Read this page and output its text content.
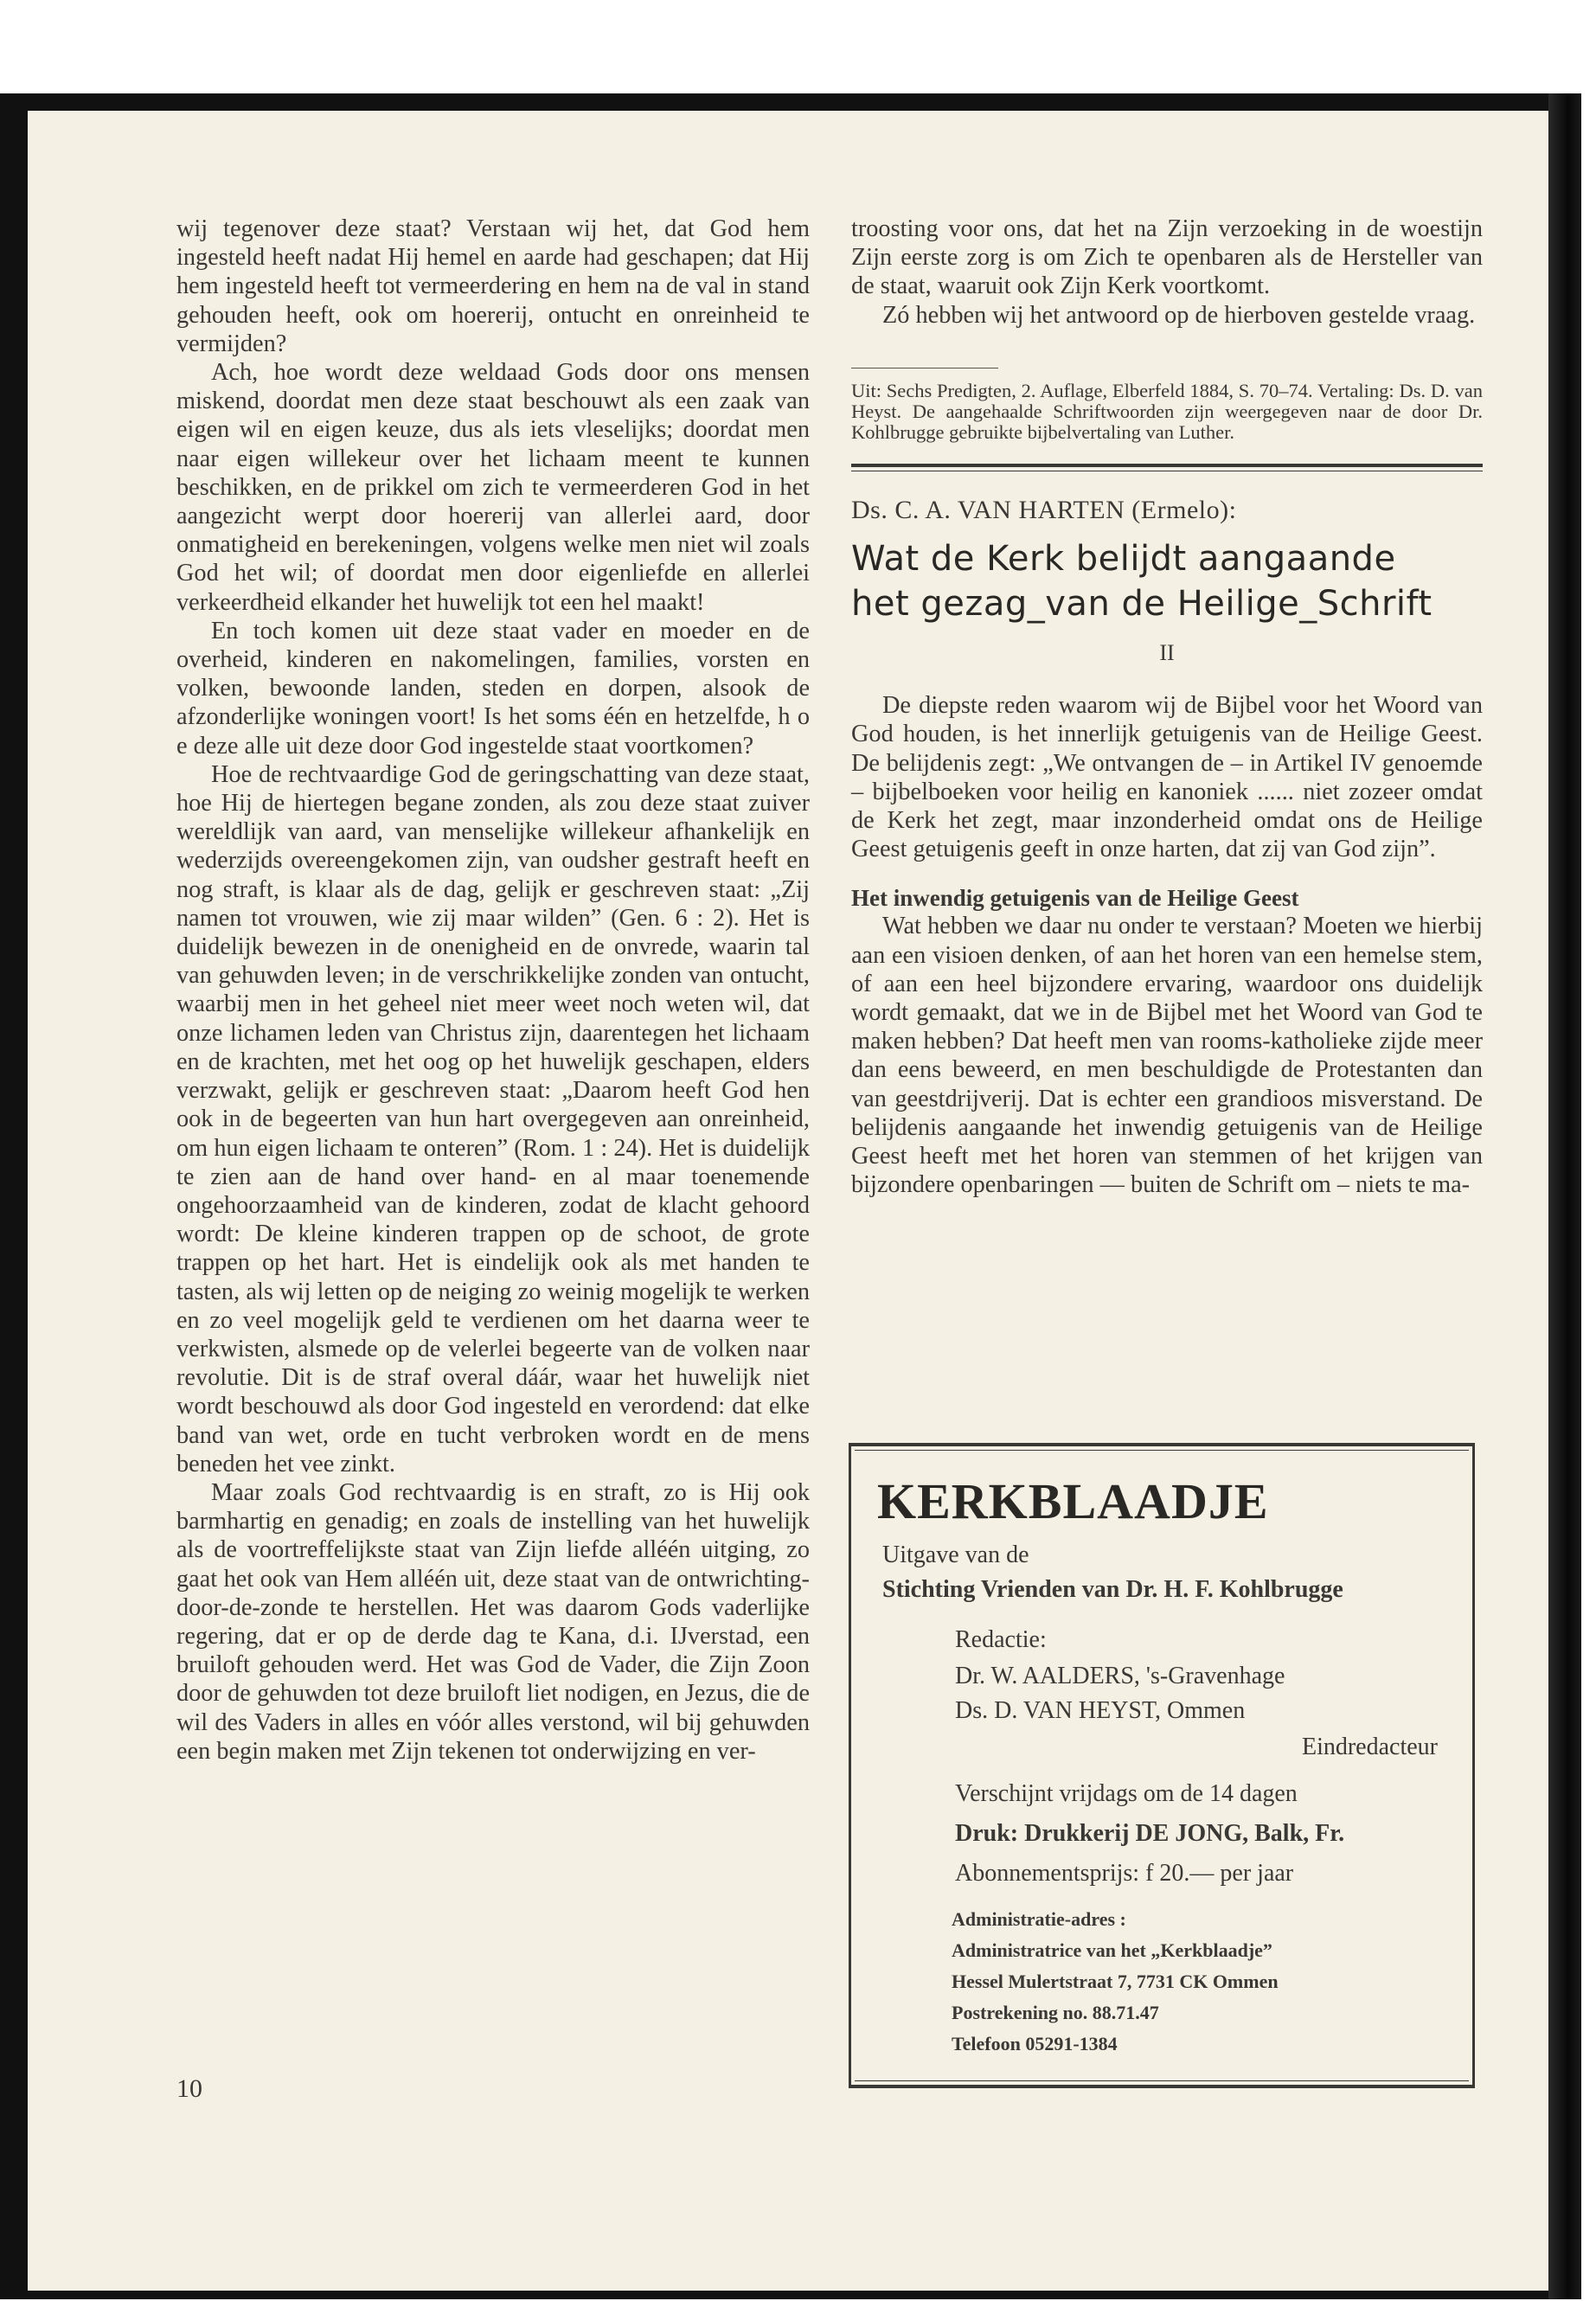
wij tegenover deze staat? Verstaan wij het, dat God hem ingesteld heeft nadat Hij hemel en aarde had geschapen; dat Hij hem ingesteld heeft tot vermeerdering en hem na de val in stand gehouden heeft, ook om hoererij, ontucht en onreinheid te vermijden?

Ach, hoe wordt deze weldaad Gods door ons mensen miskend, doordat men deze staat beschouwt als een zaak van eigen wil en eigen keuze, dus als iets vleselijks; doordat men naar eigen willekeur over het lichaam meent te kunnen beschikken, en de prikkel om zich te vermeerderen God in het aangezicht werpt door hoererij van allerlei aard, door onmatigheid en berekeningen, volgens welke men niet wil zoals God het wil; of doordat men door eigenliefde en allerlei verkeerdheid elkander het huwelijk tot een hel maakt!

En toch komen uit deze staat vader en moeder en de overheid, kinderen en nakomelingen, families, vorsten en volken, bewoonde landen, steden en dorpen, alsook de afzonderlijke woningen voort! Is het soms één en hetzelfde, h o e deze alle uit deze door God ingestelde staat voortkomen?

Hoe de rechtvaardige God de geringschatting van deze staat, hoe Hij de hiertegen begane zonden, als zou deze staat zuiver wereldlijk van aard, van menselijke willekeur afhankelijk en wederzijds overeengekomen zijn, van oudsher gestraft heeft en nog straft, is klaar als de dag, gelijk er geschreven staat: „Zij namen tot vrouwen, wie zij maar wilden” (Gen. 6 : 2). Het is duidelijk bewezen in de onenigheid en de onvrede, waarin tal van gehuwden leven; in de verschrikkelijke zonden van ontucht, waarbij men in het geheel niet meer weet noch weten wil, dat onze lichamen leden van Christus zijn, daarentegen het lichaam en de krachten, met het oog op het huwelijk geschapen, elders verzwakt, gelijk er geschreven staat: „Daarom heeft God hen ook in de begeerten van hun hart overgegeven aan onreinheid, om hun eigen lichaam te onteren” (Rom. 1 : 24). Het is duidelijk te zien aan de hand over hand- en al maar toenemende ongehoorzaamheid van de kinderen, zodat de klacht gehoord wordt: De kleine kinderen trappen op de schoot, de grote trappen op het hart. Het is eindelijk ook als met handen te tasten, als wij letten op de neiging zo weinig mogelijk te werken en zo veel mogelijk geld te verdienen om het daarna weer te verkwisten, alsmede op de velerlei begeerte van de volken naar revolutie. Dit is de straf overal dáár, waar het huwelijk niet wordt beschouwd als door God ingesteld en verordend: dat elke band van wet, orde en tucht verbroken wordt en de mens beneden het vee zinkt.

Maar zoals God rechtvaardig is en straft, zo is Hij ook barmhartig en genadig; en zoals de instelling van het huwelijk als de voortreffelijkste staat van Zijn liefde alléén uitging, zo gaat het ook van Hem alléén uit, deze staat van de ontwrichting-door-de-zonde te herstellen. Het was daarom Gods vaderlijke regering, dat er op de derde dag te Kana, d.i. IJverstad, een bruiloft gehouden werd. Het was God de Vader, die Zijn Zoon door de gehuwden tot deze bruiloft liet nodigen, en Jezus, die de wil des Vaders in alles en vóór alles verstond, wil bij gehuwden een begin maken met Zijn tekenen tot onderwijzing en ver-

10

troosting voor ons, dat het na Zijn verzoeking in de woestijn Zijn eerste zorg is om Zich te openbaren als de Hersteller van de staat, waaruit ook Zijn Kerk voortkomt.

Zó hebben wij het antwoord op de hierboven gestelde vraag.

Uit: Sechs Predigten, 2. Auflage, Elberfeld 1884, S. 70–74. Vertaling: Ds. D. van Heyst. De aangehaalde Schriftwoorden zijn weergegeven naar de door Dr. Kohlbrugge gebruikte bijbelvertaling van Luther.

Ds. C. A. VAN HARTEN (Ermelo):
Wat de Kerk belijdt aangaande
het gezag_van de Heilige_Schrift
II

De diepste reden waarom wij de Bijbel voor het Woord van God houden, is het innerlijk getuigenis van de Heilige Geest. De belijdenis zegt: „We ontvangen de – in Artikel IV genoemde – bijbelboeken voor heilig en kanoniek ...... niet zozeer omdat de Kerk het zegt, maar inzonderheid omdat ons de Heilige Geest getuigenis geeft in onze harten, dat zij van God zijn”.

Het inwendig getuigenis van de Heilige Geest

Wat hebben we daar nu onder te verstaan? Moeten we hierbij aan een visioen denken, of aan het horen van een hemelse stem, of aan een heel bijzondere ervaring, waardoor ons duidelijk wordt gemaakt, dat we in de Bijbel met het Woord van God te maken hebben? Dat heeft men van rooms-katholieke zijde meer dan eens beweerd, en men beschuldigde de Protestanten dan van geestdrijverij. Dat is echter een grandioos misverstand. De belijdenis aangaande het inwendig getuigenis van de Heilige Geest heeft met het horen van stemmen of het krijgen van bijzondere openbaringen — buiten de Schrift om – niets te ma-

KERKBLAADJE
Uitgave van de
Stichting Vrienden van Dr. H. F. Kohlbrugge
Redactie:
Dr. W. AALDERS, 's-Gravenhage
Ds. D. VAN HEYST, Ommen
Eindredacteur
Verschijnt vrijdags om de 14 dagen
Druk: Drukkerij DE JONG, Balk, Fr.
Abonnementsprijs: f 20.— per jaar
Administratie-adres :
Administratrice van het „Kerkblaadje”
Hessel Mulertstraat 7, 7731 CK Ommen
Postrekening no. 88.71.47
Telefoon 05291-1384
